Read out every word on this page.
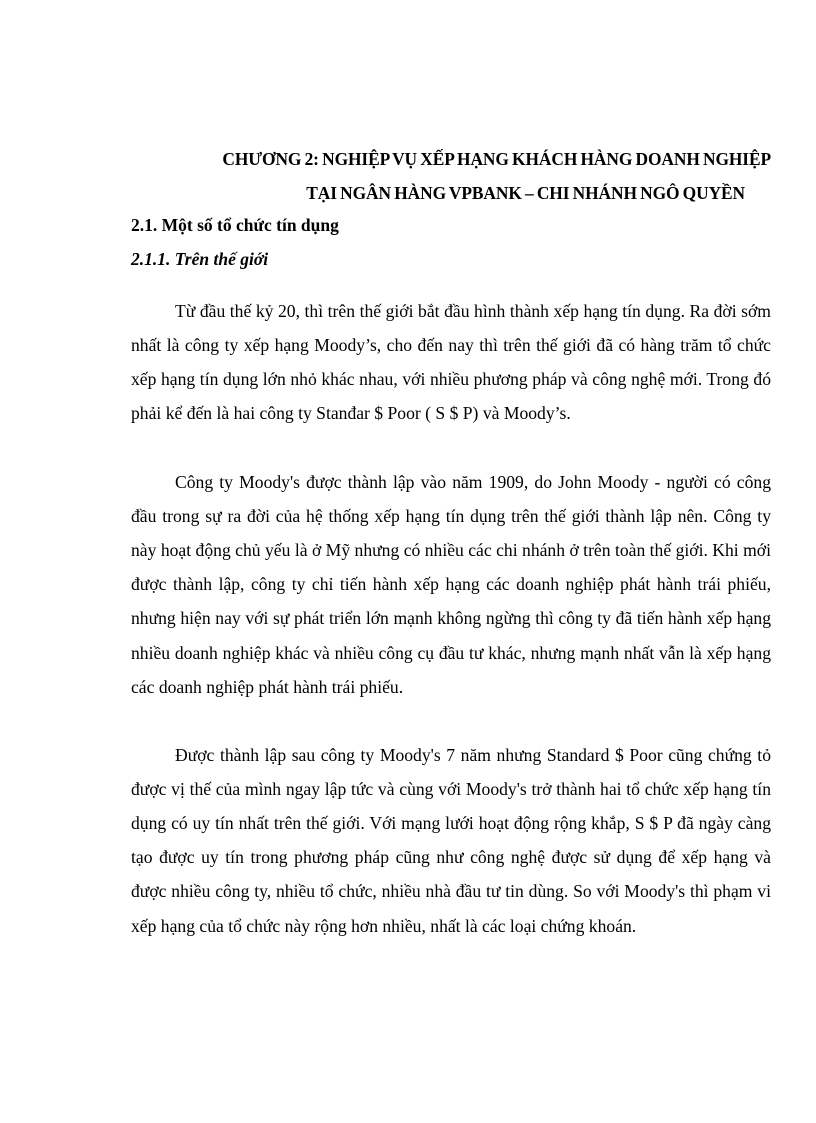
CHƯƠNG 2: NGHIỆP VỤ XẾP HẠNG KHÁCH HÀNG DOANH NGHIỆP
TẠI NGÂN HÀNG VPBANK – CHI NHÁNH NGÔ QUYỀN
2.1. Một số tổ chức tín dụng
2.1.1. Trên thế giới

Từ đầu thế kỷ 20, thì trên thế giới bắt đầu hình thành xếp hạng tín dụng. Ra đời sớm nhất là công ty xếp hạng Moody’s, cho đến nay thì trên thế giới đã có hàng trăm tổ chức xếp hạng tín dụng lớn nhỏ khác nhau, với nhiều phương pháp và công nghệ mới. Trong đó phải kể đến là hai công ty Stanđar $ Poor ( S $ P) và Moody’s.

Công ty Moody's được thành lập vào năm 1909, do John Moody - người có công đầu trong sự ra đời của hệ thống xếp hạng tín dụng trên thế giới thành lập nên. Công ty này hoạt động chủ yếu là ở Mỹ nhưng có nhiều các chi nhánh ở trên toàn thế giới. Khi mới được thành lập, công ty chỉ tiến hành xếp hạng các doanh nghiệp phát hành trái phiếu, nhưng hiện nay với sự phát triển lớn mạnh không ngừng thì công ty đã tiến hành xếp hạng nhiều doanh nghiệp khác và nhiều công cụ đầu tư khác, nhưng mạnh nhất vẫn là xếp hạng các doanh nghiệp phát hành trái phiếu.

Được thành lập sau công ty Moody's 7 năm nhưng Standard $ Poor cũng chứng tỏ được vị thế của mình ngay lập tức và cùng với Moody's trở thành hai tổ chức xếp hạng tín dụng có uy tín nhất trên thế giới. Với mạng lưới hoạt động rộng khắp, S $ P đã ngày càng tạo được uy tín trong phương pháp cũng như công nghệ được sử dụng để xếp hạng và được nhiều công ty, nhiều tổ chức, nhiều nhà đầu tư tin dùng. So với Moody's thì phạm vi xếp hạng của tổ chức này rộng hơn nhiều, nhất là các loại chứng khoán.
